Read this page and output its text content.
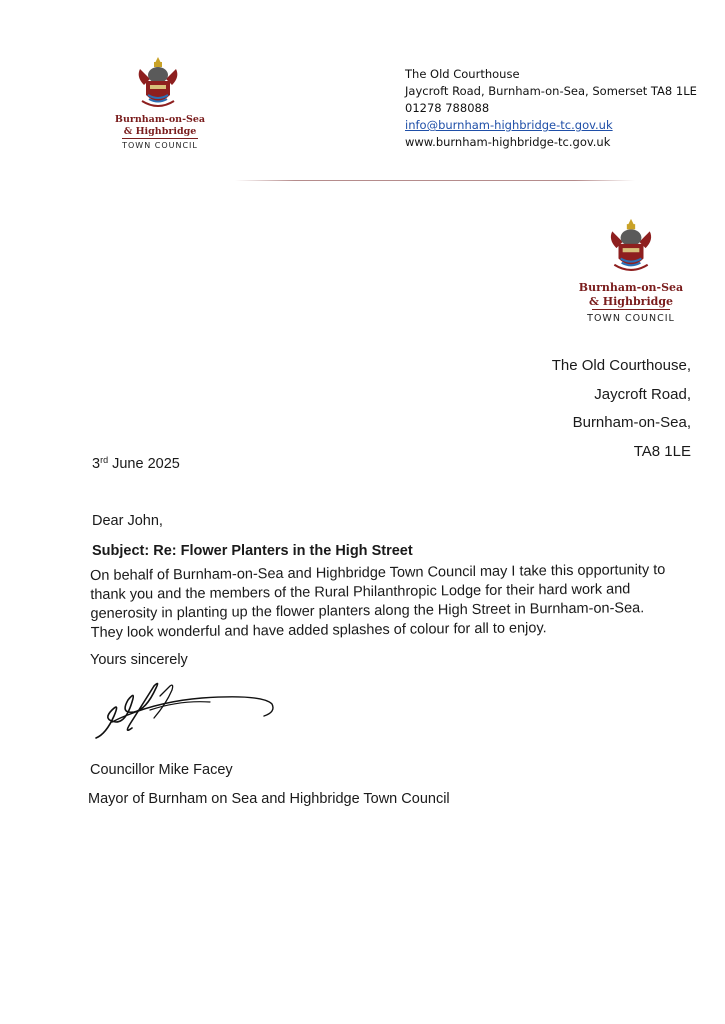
Burnham-on-Sea
& Highbridge
TOWN COUNCIL
The Old Courthouse
Jaycroft Road, Burnham-on-Sea, Somerset TA8 1LE
01278 788088
info@burnham-highbridge-tc.gov.uk
www.burnham-highbridge-tc.gov.uk
Burnham-on-Sea
& Highbridge
TOWN COUNCIL
The Old Courthouse,
Jaycroft Road,
Burnham-on-Sea,
TA8 1LE
3rd June 2025
Dear John,
Subject: Re: Flower Planters in the High Street
On behalf of Burnham-on-Sea and Highbridge Town Council may I take this opportunity to thank you and the members of the Rural Philanthropic Lodge for their hard work and generosity in planting up the flower planters along the High Street in Burnham-on-Sea. They look wonderful and have added splashes of colour for all to enjoy.
Yours sincerely
Councillor Mike Facey
Mayor of Burnham on Sea and Highbridge Town Council
